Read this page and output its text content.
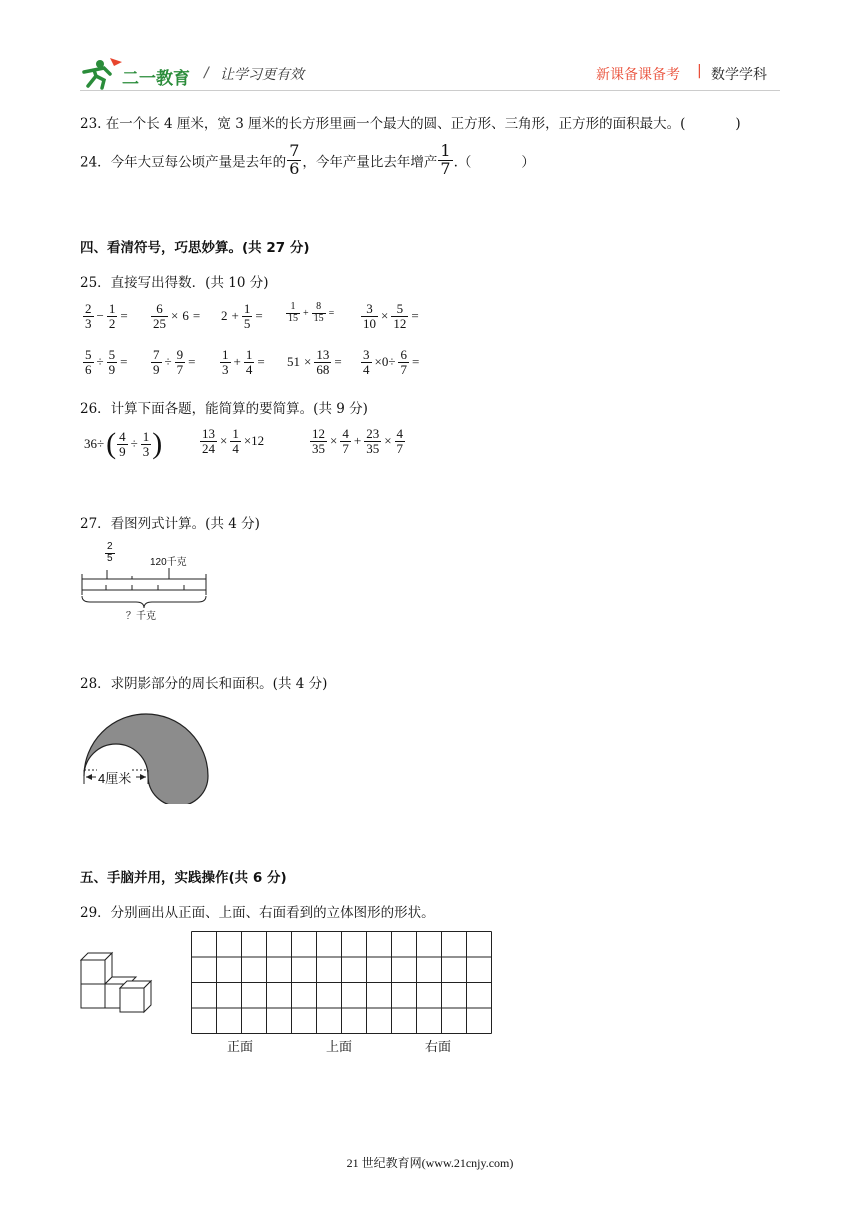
二一教育 / 让学习更有效	新课备课备考 | 数学学科
23. 在一个长 4 厘米，宽 3 厘米的长方形里画一个最大的圆、正方形、三角形，正方形的面积最大。(	)
24．今年大豆每公顷产量是去年的 $\frac{7}{6}$ ，今年产量比去年增产 $\frac{1}{7}$ .（	）
四、看清符号，巧思妙算。(共 27 分)
25．直接写出得数．(共 10 分)
$\frac{2}{3} - \frac{1}{2} = \frac{6}{25} \times 6 = 2 + \frac{1}{5} = \frac{1}{15} + \frac{8}{15} = \frac{3}{10} \times \frac{5}{12}$ =
$\frac{5}{6} \div \frac{5}{9} = \frac{7}{9} \div \frac{9}{7} = \frac{1}{3} + \frac{1}{4} = 51 \times \frac{13}{68} = \frac{3}{4} \times 0\div \frac{6}{7}$ =
26．计算下面各题，能简算的要简算。(共 9 分)
$36\div( \frac{4}{9} \div \frac{1}{3}$ )	$\frac{13}{24} \times \frac{1}{4} \times 12$	$\frac{12}{35} \times \frac{4}{7} + \frac{23}{35} \times \frac{4}{7}$
27．看图列式计算。(共 4 分)
$\frac{2}{5}$	120千克
？千克
28．求阴影部分的周长和面积。(共 4 分)
4厘米
五、手脑并用，实践操作(共 6 分)
29．分别画出从正面、上面、右面看到的立体图形的形状。
正面	上面	右面
21 世纪教育网(www.21cnjy.com)
